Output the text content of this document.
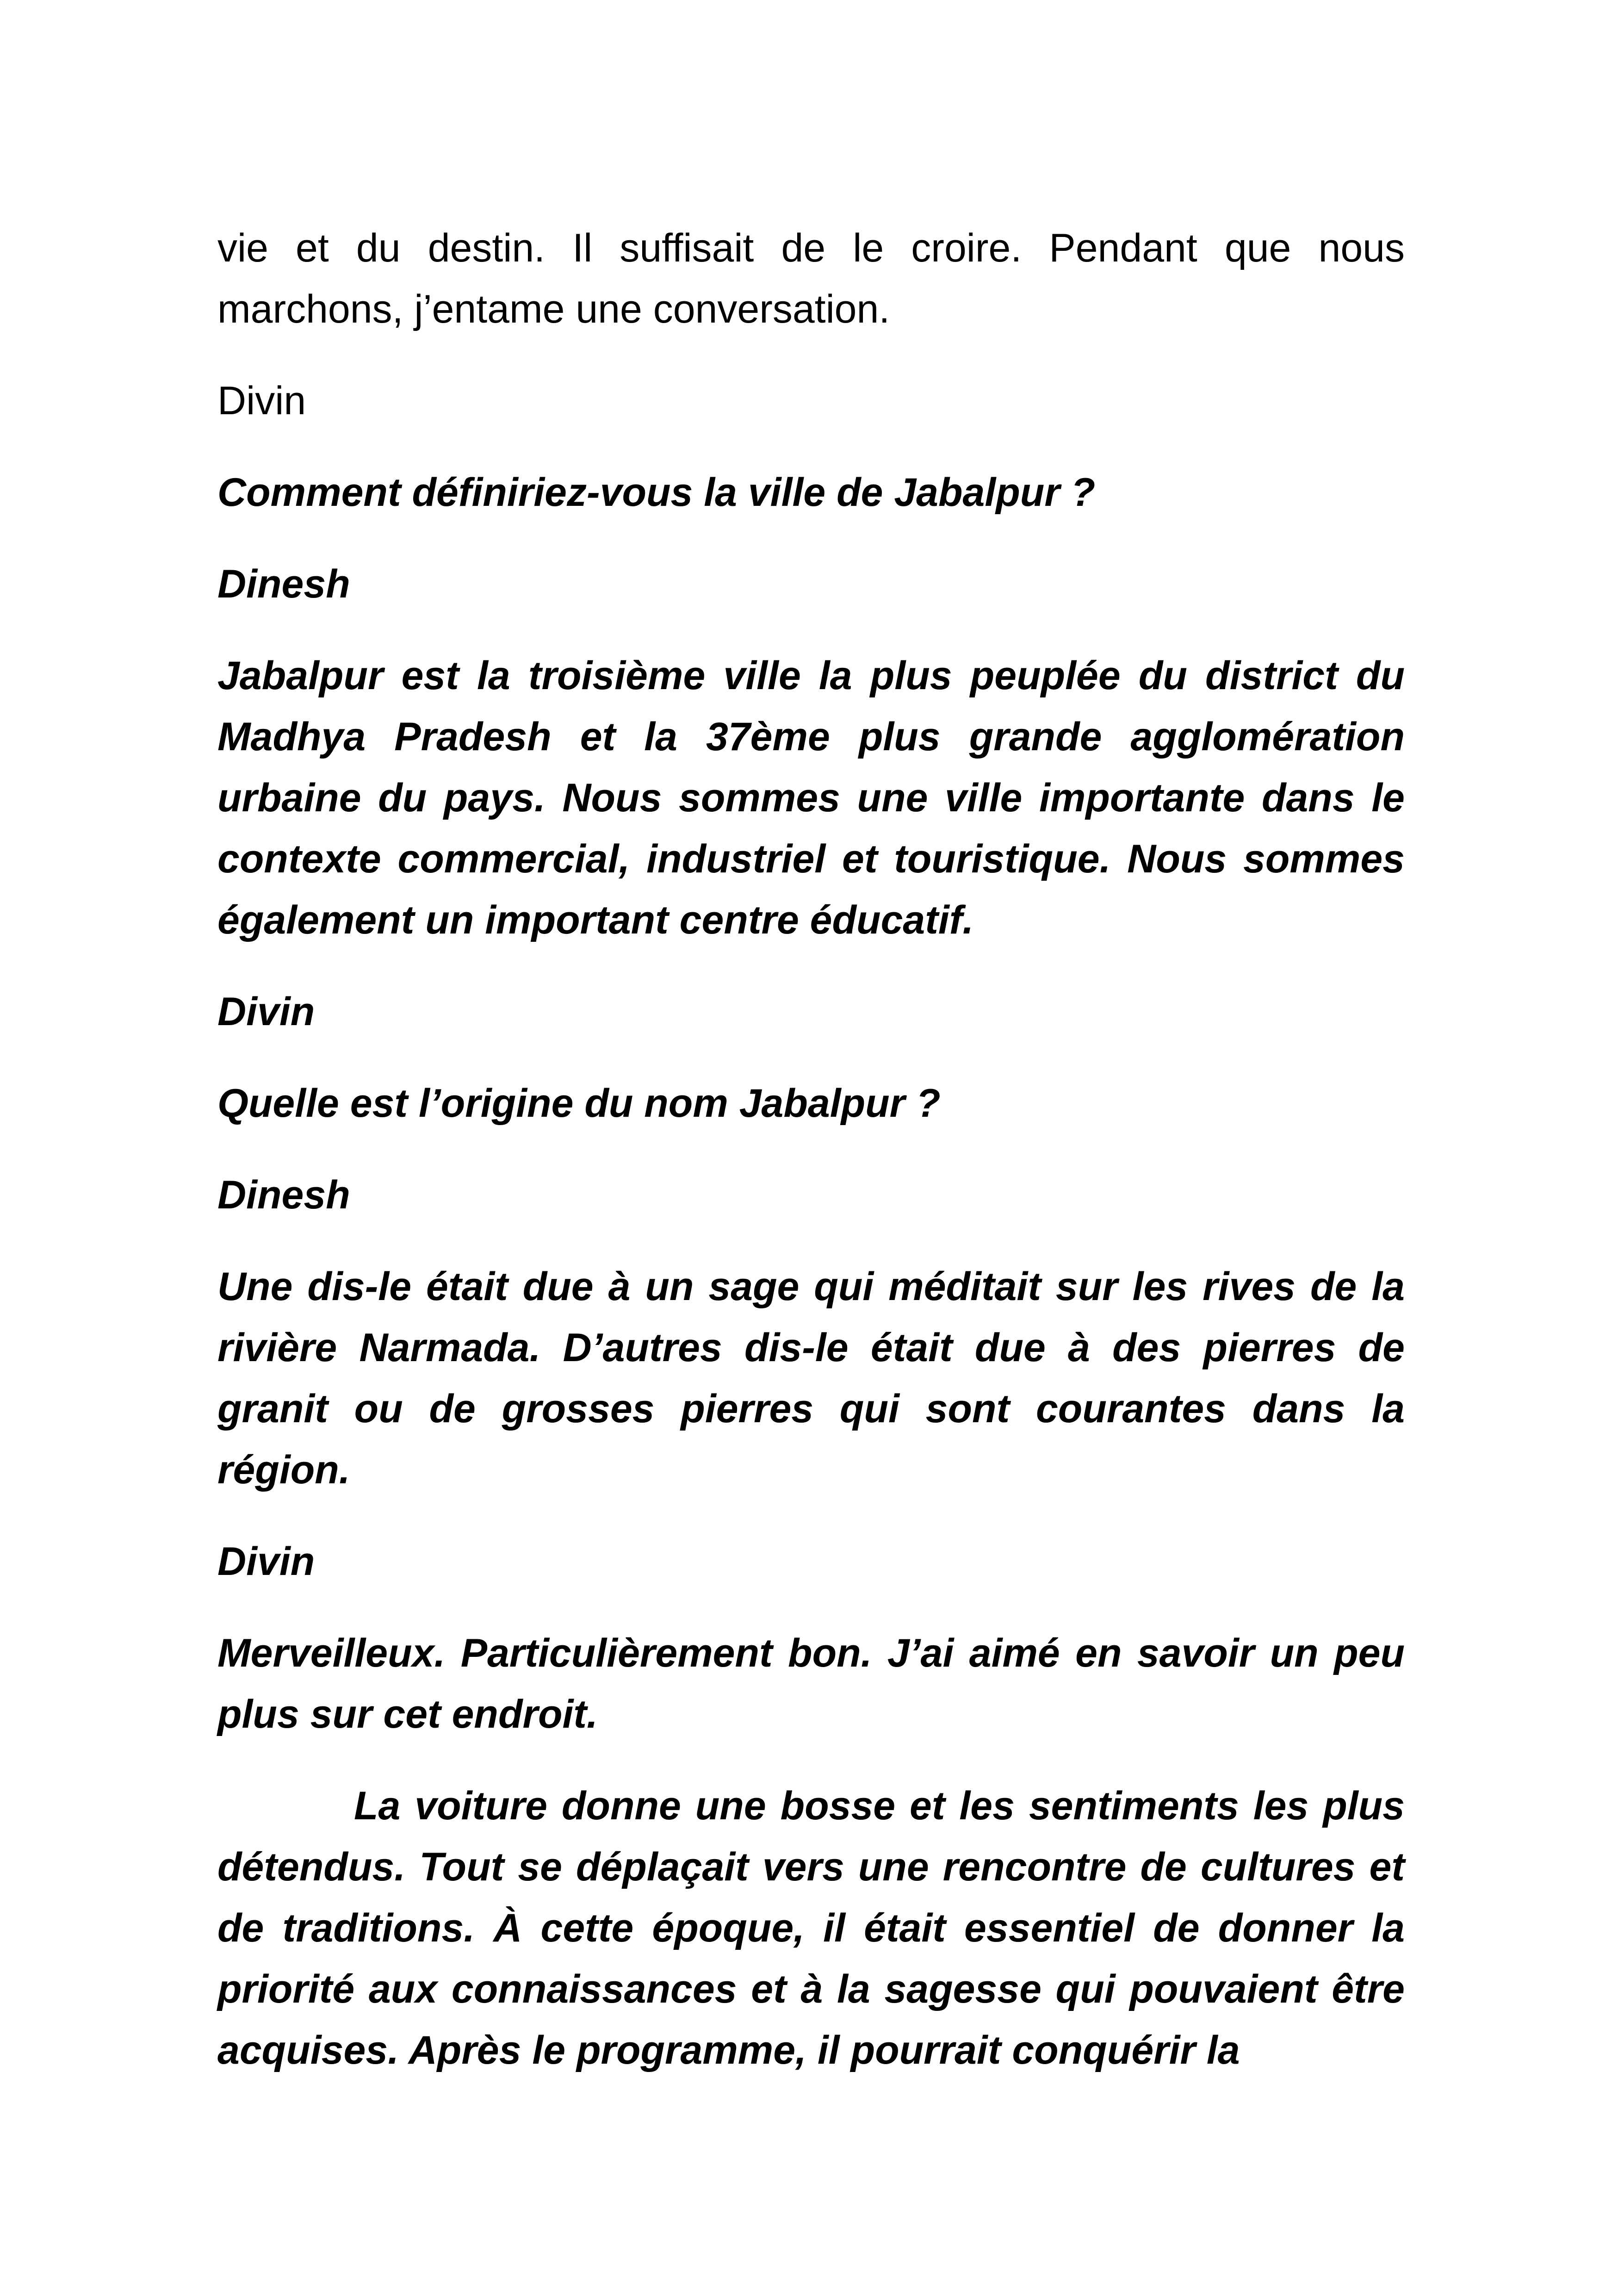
vie et du destin. Il suffisait de le croire. Pendant que nous marchons, j’entame une conversation.

Divin

Comment définiriez-vous la ville de Jabalpur ?

Dinesh

Jabalpur est la troisième ville la plus peuplée du district du Madhya Pradesh et la 37ème plus grande agglomération urbaine du pays. Nous sommes une ville importante dans le contexte commercial, industriel et touristique. Nous sommes également un important centre éducatif.

Divin

Quelle est l’origine du nom Jabalpur ?

Dinesh

Une dis-le était due à un sage qui méditait sur les rives de la rivière Narmada. D’autres dis-le était due à des pierres de granit ou de grosses pierres qui sont courantes dans la région.

Divin

Merveilleux. Particulièrement bon. J’ai aimé en savoir un peu plus sur cet endroit.

La voiture donne une bosse et les sentiments les plus détendus. Tout se déplaçait vers une rencontre de cultures et de traditions. À cette époque, il était essentiel de donner la priorité aux connaissances et à la sagesse qui pouvaient être acquises. Après le programme, il pourrait conquérir la
